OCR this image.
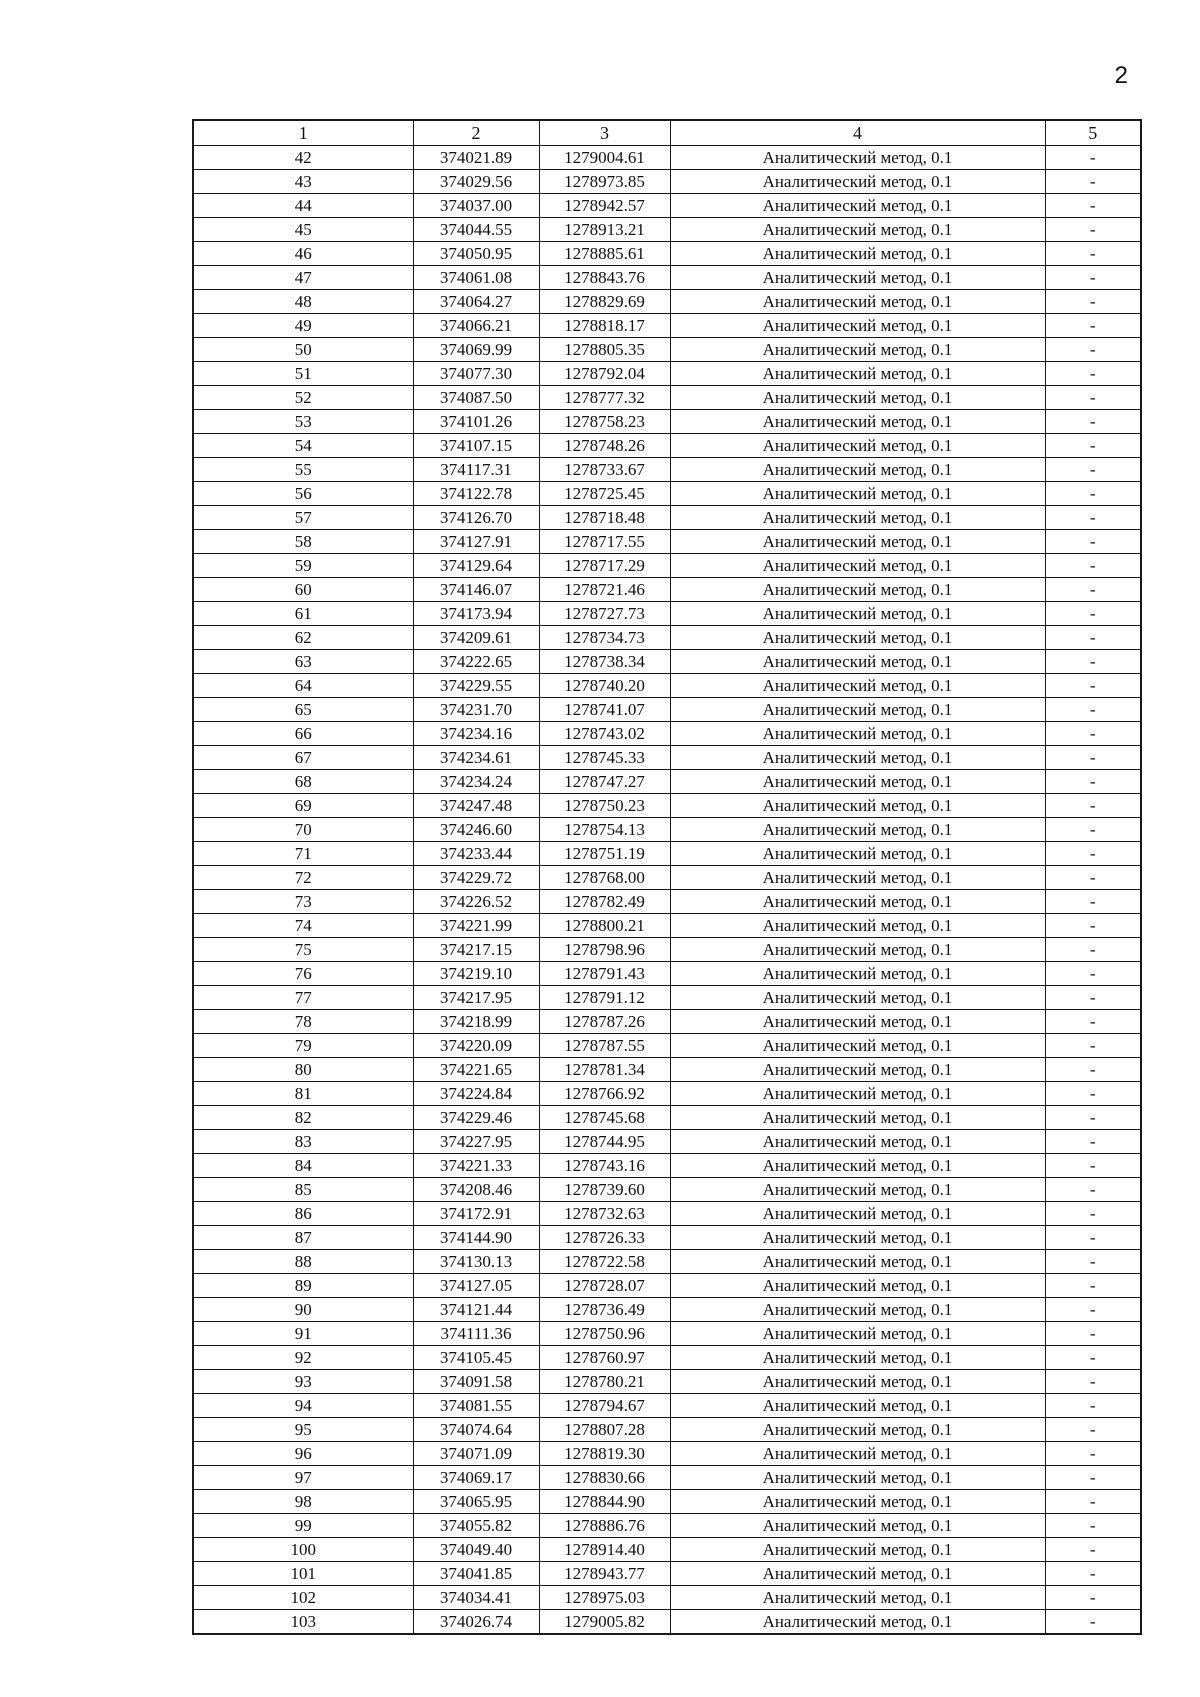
2
1	2	3	4	5
42	374021.89	1279004.61	Аналитический метод, 0.1	-
43	374029.56	1278973.85	Аналитический метод, 0.1	-
44	374037.00	1278942.57	Аналитический метод, 0.1	-
45	374044.55	1278913.21	Аналитический метод, 0.1	-
46	374050.95	1278885.61	Аналитический метод, 0.1	-
47	374061.08	1278843.76	Аналитический метод, 0.1	-
48	374064.27	1278829.69	Аналитический метод, 0.1	-
49	374066.21	1278818.17	Аналитический метод, 0.1	-
50	374069.99	1278805.35	Аналитический метод, 0.1	-
51	374077.30	1278792.04	Аналитический метод, 0.1	-
52	374087.50	1278777.32	Аналитический метод, 0.1	-
53	374101.26	1278758.23	Аналитический метод, 0.1	-
54	374107.15	1278748.26	Аналитический метод, 0.1	-
55	374117.31	1278733.67	Аналитический метод, 0.1	-
56	374122.78	1278725.45	Аналитический метод, 0.1	-
57	374126.70	1278718.48	Аналитический метод, 0.1	-
58	374127.91	1278717.55	Аналитический метод, 0.1	-
59	374129.64	1278717.29	Аналитический метод, 0.1	-
60	374146.07	1278721.46	Аналитический метод, 0.1	-
61	374173.94	1278727.73	Аналитический метод, 0.1	-
62	374209.61	1278734.73	Аналитический метод, 0.1	-
63	374222.65	1278738.34	Аналитический метод, 0.1	-
64	374229.55	1278740.20	Аналитический метод, 0.1	-
65	374231.70	1278741.07	Аналитический метод, 0.1	-
66	374234.16	1278743.02	Аналитический метод, 0.1	-
67	374234.61	1278745.33	Аналитический метод, 0.1	-
68	374234.24	1278747.27	Аналитический метод, 0.1	-
69	374247.48	1278750.23	Аналитический метод, 0.1	-
70	374246.60	1278754.13	Аналитический метод, 0.1	-
71	374233.44	1278751.19	Аналитический метод, 0.1	-
72	374229.72	1278768.00	Аналитический метод, 0.1	-
73	374226.52	1278782.49	Аналитический метод, 0.1	-
74	374221.99	1278800.21	Аналитический метод, 0.1	-
75	374217.15	1278798.96	Аналитический метод, 0.1	-
76	374219.10	1278791.43	Аналитический метод, 0.1	-
77	374217.95	1278791.12	Аналитический метод, 0.1	-
78	374218.99	1278787.26	Аналитический метод, 0.1	-
79	374220.09	1278787.55	Аналитический метод, 0.1	-
80	374221.65	1278781.34	Аналитический метод, 0.1	-
81	374224.84	1278766.92	Аналитический метод, 0.1	-
82	374229.46	1278745.68	Аналитический метод, 0.1	-
83	374227.95	1278744.95	Аналитический метод, 0.1	-
84	374221.33	1278743.16	Аналитический метод, 0.1	-
85	374208.46	1278739.60	Аналитический метод, 0.1	-
86	374172.91	1278732.63	Аналитический метод, 0.1	-
87	374144.90	1278726.33	Аналитический метод, 0.1	-
88	374130.13	1278722.58	Аналитический метод, 0.1	-
89	374127.05	1278728.07	Аналитический метод, 0.1	-
90	374121.44	1278736.49	Аналитический метод, 0.1	-
91	374111.36	1278750.96	Аналитический метод, 0.1	-
92	374105.45	1278760.97	Аналитический метод, 0.1	-
93	374091.58	1278780.21	Аналитический метод, 0.1	-
94	374081.55	1278794.67	Аналитический метод, 0.1	-
95	374074.64	1278807.28	Аналитический метод, 0.1	-
96	374071.09	1278819.30	Аналитический метод, 0.1	-
97	374069.17	1278830.66	Аналитический метод, 0.1	-
98	374065.95	1278844.90	Аналитический метод, 0.1	-
99	374055.82	1278886.76	Аналитический метод, 0.1	-
100	374049.40	1278914.40	Аналитический метод, 0.1	-
101	374041.85	1278943.77	Аналитический метод, 0.1	-
102	374034.41	1278975.03	Аналитический метод, 0.1	-
103	374026.74	1279005.82	Аналитический метод, 0.1	-
